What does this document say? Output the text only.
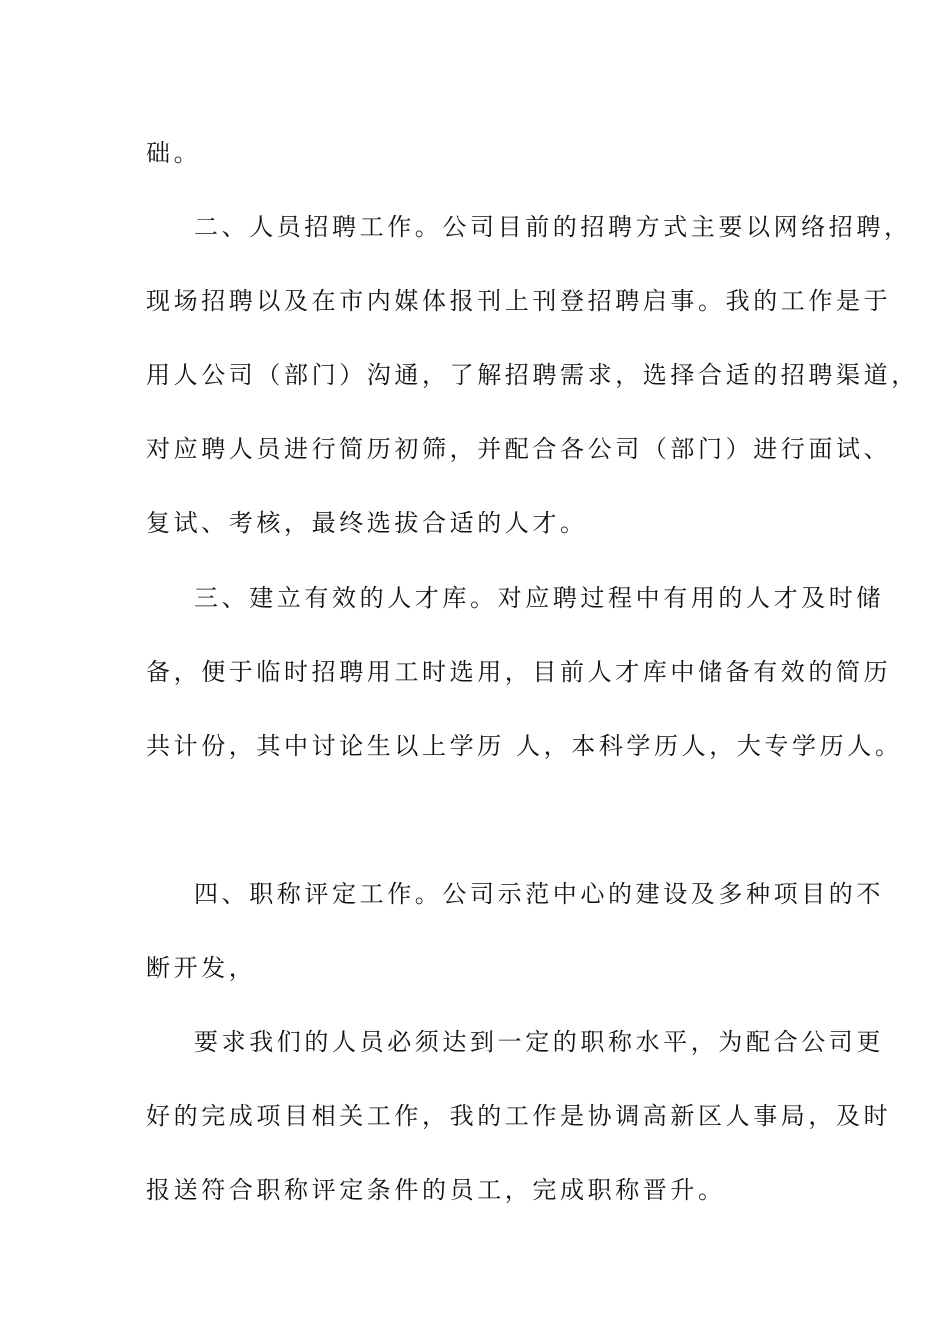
础。
二、人员招聘工作。公司目前的招聘方式主要以网络招聘，
现场招聘以及在市内媒体报刊上刊登招聘启事。我的工作是于
用人公司（部门）沟通，了解招聘需求，选择合适的招聘渠道，
对应聘人员进行简历初筛，并配合各公司（部门）进行面试、
复试、考核，最终选拔合适的人才。
三、建立有效的人才库。对应聘过程中有用的人才及时储
备，便于临时招聘用工时选用，目前人才库中储备有效的简历
共计份，其中讨论生以上学历 人，本科学历人，大专学历人。
四、职称评定工作。公司示范中心的建设及多种项目的不
断开发，
要求我们的人员必须达到一定的职称水平，为配合公司更
好的完成项目相关工作，我的工作是协调高新区人事局，及时
报送符合职称评定条件的员工，完成职称晋升。
